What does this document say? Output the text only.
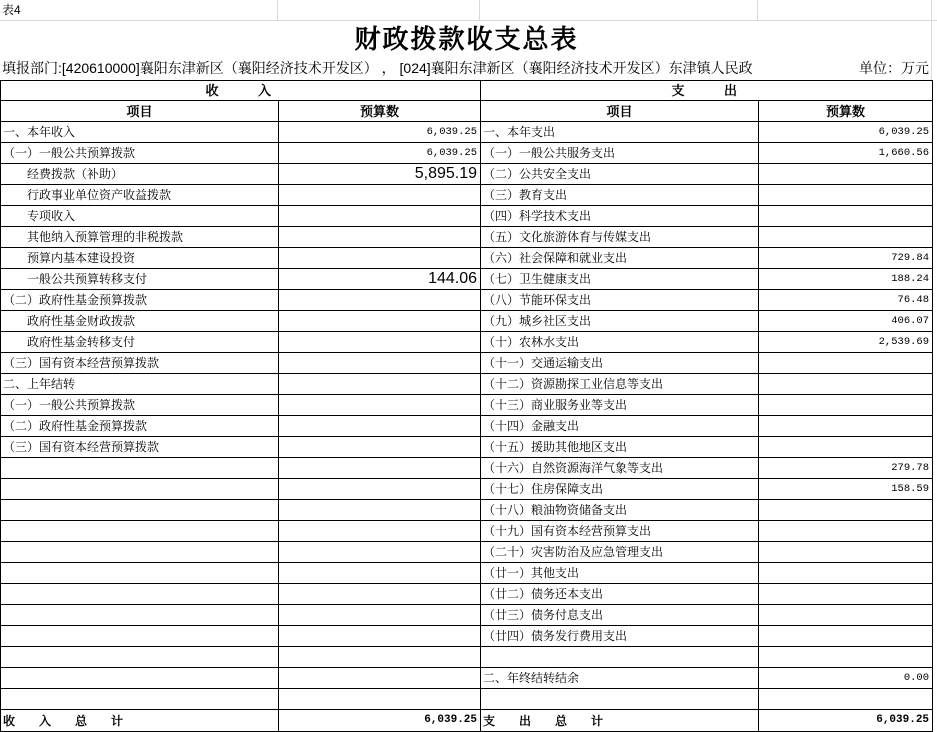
表4
财政拨款收支总表
填报部门:[420610000]襄阳东津新区（襄阳经济技术开发区） ， [024]襄阳东津新区（襄阳经济技术开发区）东津镇人民政	单位：万元
收　　入		支　　出	
项目	预算数	项目	预算数
一、本年收入	6,039.25	一、本年支出	6,039.25
（一）一般公共预算拨款	6,039.25	（一）一般公共服务支出	1,660.56
经费拨款（补助）	5,895.19	（二）公共安全支出	
行政事业单位资产收益拨款		（三）教育支出	
专项收入		（四）科学技术支出	
其他纳入预算管理的非税拨款		（五）文化旅游体育与传媒支出	
预算内基本建设投资		（六）社会保障和就业支出	729.84
一般公共预算转移支付	144.06	（七）卫生健康支出	188.24
（二）政府性基金预算拨款		（八）节能环保支出	76.48
政府性基金财政拨款		（九）城乡社区支出	406.07
政府性基金转移支付		（十）农林水支出	2,539.69
（三）国有资本经营预算拨款		（十一）交通运输支出	
二、上年结转		（十二）资源勘探工业信息等支出	
（一）一般公共预算拨款		（十三）商业服务业等支出	
（二）政府性基金预算拨款		（十四）金融支出	
（三）国有资本经营预算拨款		（十五）援助其他地区支出	
		（十六）自然资源海洋气象等支出	279.78
		（十七）住房保障支出	158.59
		（十八）粮油物资储备支出	
		（十九）国有资本经营预算支出	
		（二十）灾害防治及应急管理支出	
		（廿一）其他支出	
		（廿二）债务还本支出	
		（廿三）债务付息支出	
		（廿四）债务发行费用支出	

		二、年终结转结余	0.00

收　　入　　总　　计	6,039.25	支　　出　　总　　计	6,039.25
